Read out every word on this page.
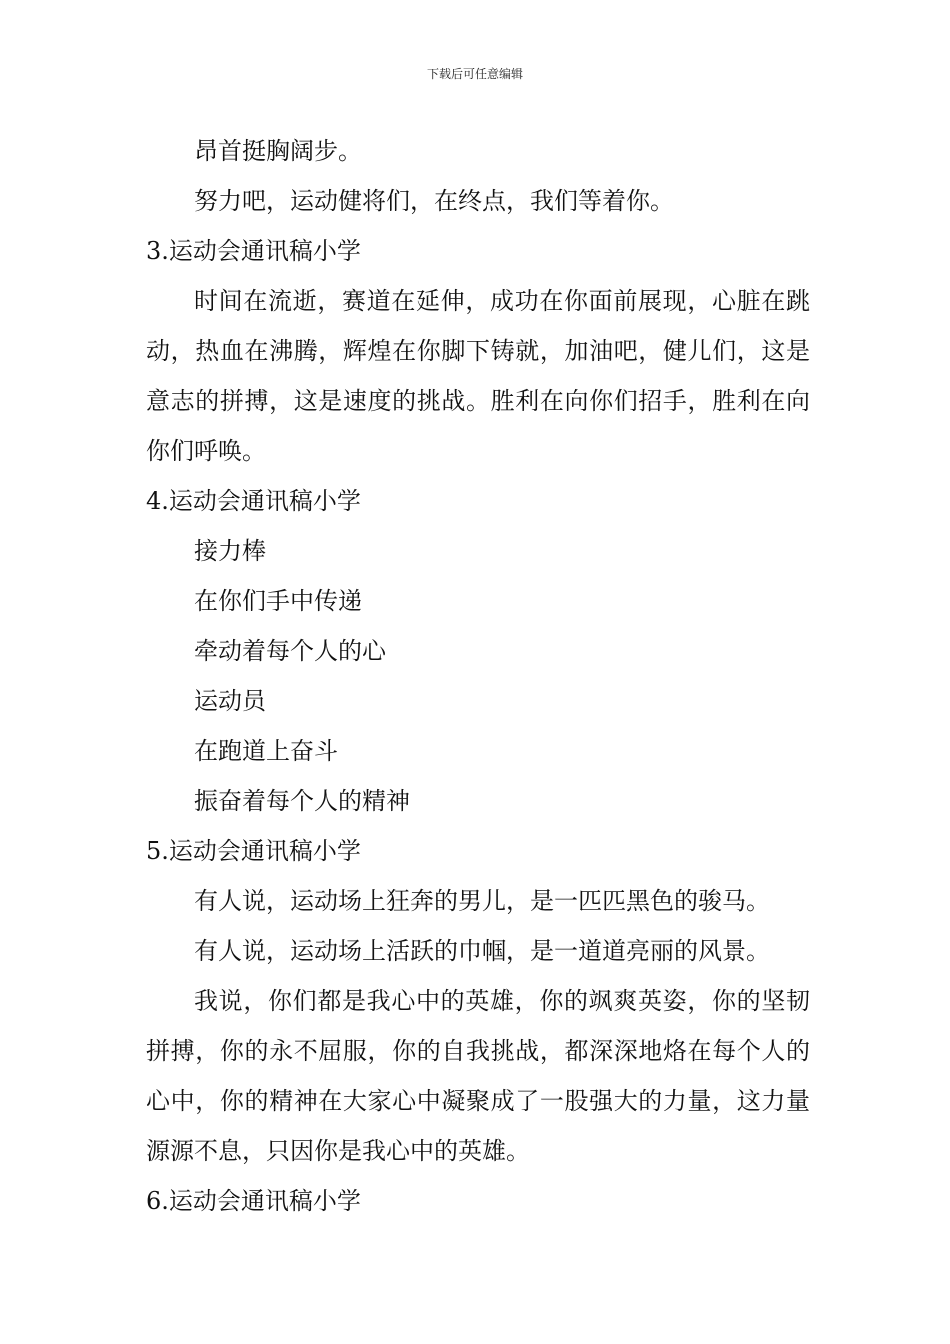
下载后可任意编辑

昂首挺胸阔步。

努力吧，运动健将们，在终点，我们等着你。

3.运动会通讯稿小学

时间在流逝，赛道在延伸，成功在你面前展现，心脏在跳动，热血在沸腾，辉煌在你脚下铸就，加油吧，健儿们，这是意志的拼搏，这是速度的挑战。胜利在向你们招手，胜利在向你们呼唤。

4.运动会通讯稿小学

接力棒

在你们手中传递

牵动着每个人的心

运动员

在跑道上奋斗

振奋着每个人的精神

5.运动会通讯稿小学

有人说，运动场上狂奔的男儿，是一匹匹黑色的骏马。

有人说，运动场上活跃的巾帼，是一道道亮丽的风景。

我说，你们都是我心中的英雄，你的飒爽英姿，你的坚韧拼搏，你的永不屈服，你的自我挑战，都深深地烙在每个人的心中，你的精神在大家心中凝聚成了一股强大的力量，这力量源源不息，只因你是我心中的英雄。

6.运动会通讯稿小学
